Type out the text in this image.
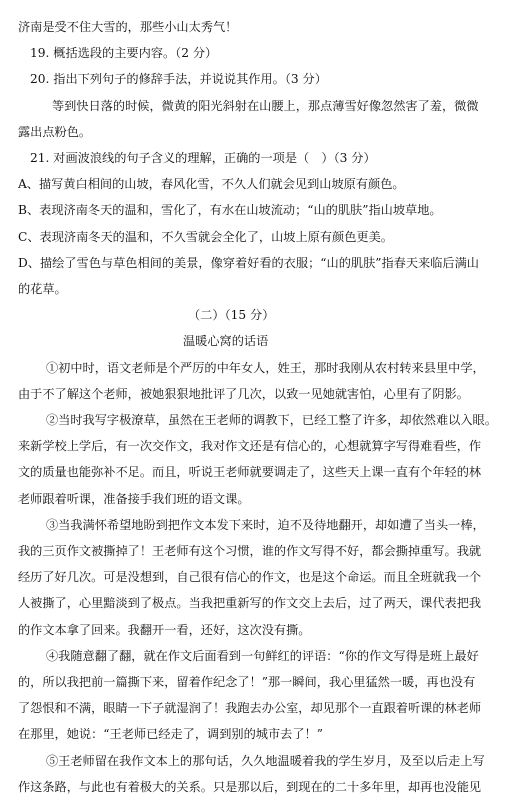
济南是受不住大雪的，那些小山太秀气！
19. 概括选段的主要内容。（2 分）
20. 指出下列句子的修辞手法，并说说其作用。（3 分）
等到快日落的时候，微黄的阳光斜射在山腰上，那点薄雪好像忽然害了羞，微微
露出点粉色。
21. 对画波浪线的句子含义的理解，正确的一项是（　）（3 分）
A、描写黄白相间的山坡，春风化雪，不久人们就会见到山坡原有颜色。
B、表现济南冬天的温和，雪化了，有水在山坡流动；“山的肌肤”指山坡草地。
C、表现济南冬天的温和，不久雪就会全化了，山坡上原有颜色更美。
D、描绘了雪色与草色相间的美景，像穿着好看的衣服；“山的肌肤”指春天来临后满山
的花草。
（二）（15 分）
温暖心窝的话语
①初中时，语文老师是个严厉的中年女人，姓王，那时我刚从农村转来县里中学，
由于不了解这个老师，被她狠狠地批评了几次，以致一见她就害怕，心里有了阴影。
②当时我写字极潦草，虽然在王老师的调教下，已经工整了许多，却依然难以入眼。
来新学校上学后，有一次交作文，我对作文还是有信心的，心想就算字写得难看些，作
文的质量也能弥补不足。而且，听说王老师就要调走了，这些天上课一直有个年轻的林
老师跟着听课，准备接手我们班的语文课。
③当我满怀希望地盼到把作文本发下来时，迫不及待地翻开，却如遭了当头一棒，
我的三页作文被撕掉了！王老师有这个习惯，谁的作文写得不好，都会撕掉重写。我就
经历了好几次。可是没想到，自己很有信心的作文，也是这个命运。而且全班就我一个
人被撕了，心里黯淡到了极点。当我把重新写的作文交上去后，过了两天，课代表把我
的作文本拿了回来。我翻开一看，还好，这次没有撕。
④我随意翻了翻，就在作文后面看到一句鲜红的评语：“你的作文写得是班上最好
的，所以我把前一篇撕下来，留着作纪念了！”那一瞬间，我心里猛然一暖，再也没有
了怨恨和不满，眼睛一下子就湿润了！我跑去办公室，却见那个一直跟着听课的林老师
在那里，她说：“王老师已经走了，调到别的城市去了！”
⑤王老师留在我作文本上的那句话，久久地温暖着我的学生岁月，及至以后走上写
作这条路，与此也有着极大的关系。只是那以后，到现在的二十多年里，却再也没能见
